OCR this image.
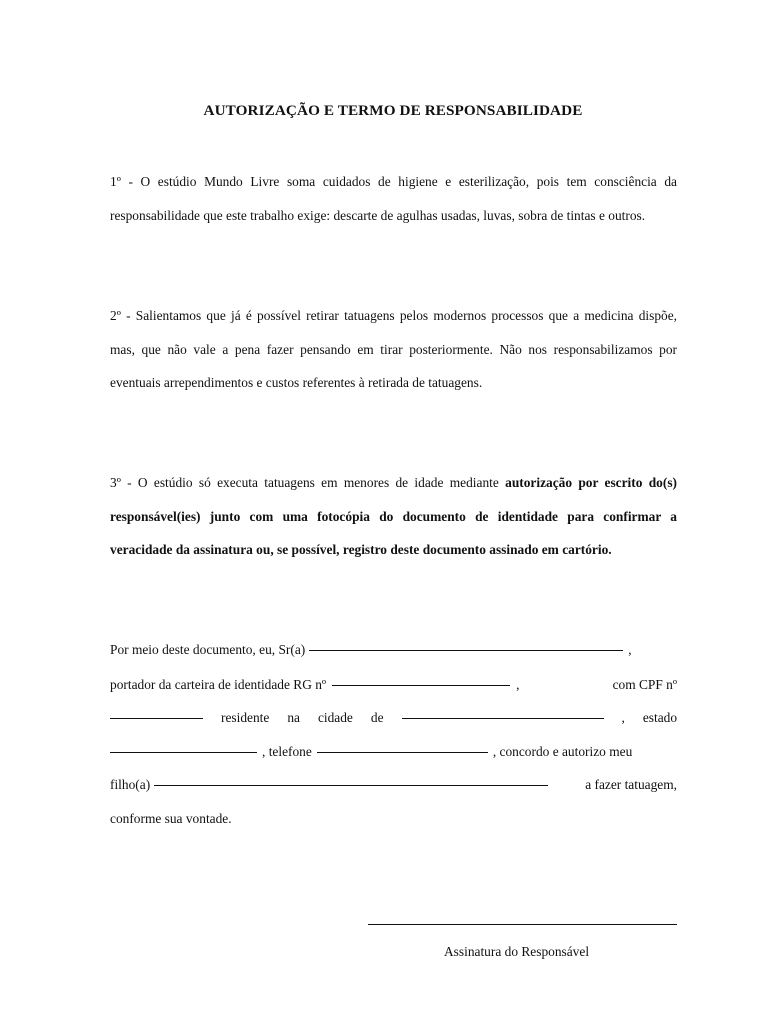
AUTORIZAÇÃO E TERMO DE RESPONSABILIDADE

1º - O estúdio Mundo Livre soma cuidados de higiene e esterilização, pois tem consciência da responsabilidade que este trabalho exige: descarte de agulhas usadas, luvas, sobra de tintas e outros.

2º - Salientamos que já é possível retirar tatuagens pelos modernos processos que a medicina dispõe, mas, que não vale a pena fazer pensando em tirar posteriormente. Não nos responsabilizamos por eventuais arrependimentos e custos referentes à retirada de tatuagens.

3º - O estúdio só executa tatuagens em menores de idade mediante autorização por escrito do(s) responsável(ies) junto com uma fotocópia do documento de identidade para confirmar a veracidade da assinatura ou, se possível, registro deste documento assinado em cartório.

Por meio deste documento, eu, Sr(a)	,
portador da carteira de identidade RG nº	,	com CPF nº
residente na cidade de	, estado
, telefone	, concordo e autorizo meu
filho(a)	a fazer tatuagem,
conforme sua vontade.
Assinatura do Responsável
